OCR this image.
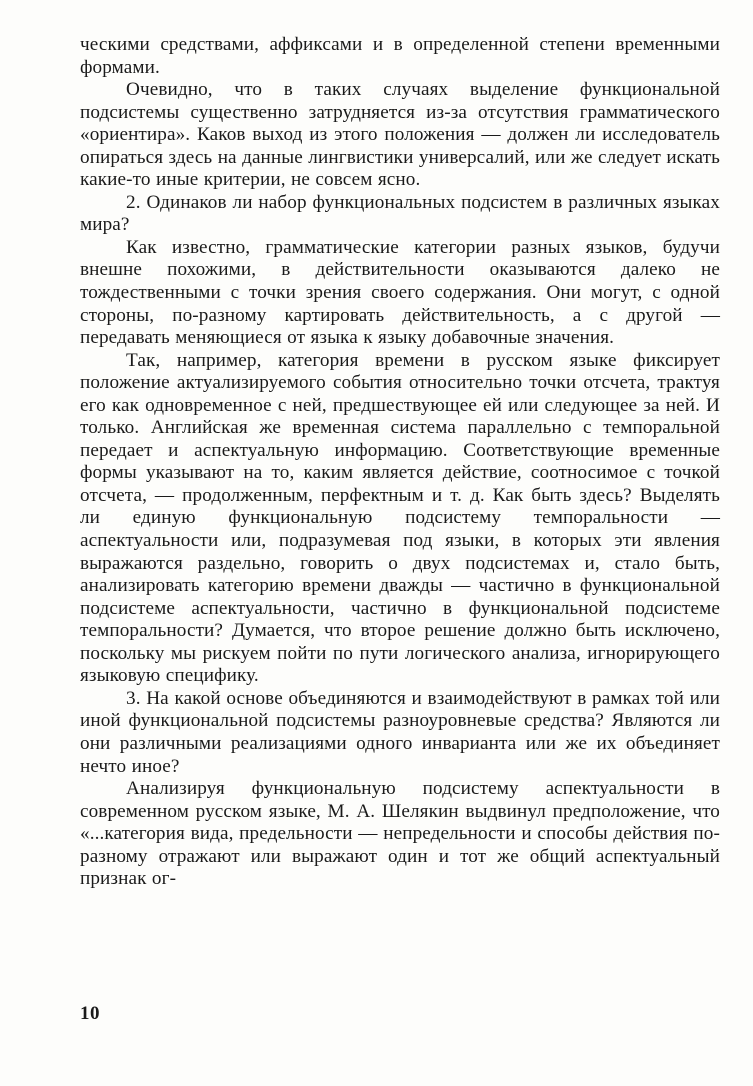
ческими средствами, аффиксами и в определенной степени временными формами.

Очевидно, что в таких случаях выделение функциональной подсистемы существенно затрудняется из-за отсутствия грамматического «ориентира». Каков выход из этого положения — должен ли исследователь опираться здесь на данные лингвистики универсалий, или же следует искать какие-то иные критерии, не совсем ясно.

2. Одинаков ли набор функциональных подсистем в различных языках мира?

Как известно, грамматические категории разных языков, будучи внешне похожими, в действительности оказываются далеко не тождественными с точки зрения своего содержания. Они могут, с одной стороны, по-разному картировать действительность, а с другой — передавать меняющиеся от языка к языку добавочные значения.

Так, например, категория времени в русском языке фиксирует положение актуализируемого события относительно точки отсчета, трактуя его как одновременное с ней, предшествующее ей или следующее за ней. И только. Английская же временная система параллельно с темпоральной передает и аспектуальную информацию. Соответствующие временные формы указывают на то, каким является действие, соотносимое с точкой отсчета, — продолженным, перфектным и т. д. Как быть здесь? Выделять ли единую функциональную подсистему темпоральности — аспектуальности или, подразумевая под языки, в которых эти явления выражаются раздельно, говорить о двух подсистемах и, стало быть, анализировать категорию времени дважды — частично в функциональной подсистеме аспектуальности, частично в функциональной подсистеме темпоральности? Думается, что второе решение должно быть исключено, поскольку мы рискуем пойти по пути логического анализа, игнорирующего языковую специфику.

3. На какой основе объединяются и взаимодействуют в рамках той или иной функциональной подсистемы разноуровневые средства? Являются ли они различными реализациями одного инварианта или же их объединяет нечто иное?

Анализируя функциональную подсистему аспектуальности в современном русском языке, М. А. Шелякин выдвинул предположение, что «...категория вида, предельности — непредельности и способы действия по-разному отражают или выражают один и тот же общий аспектуальный признак ог-

10
